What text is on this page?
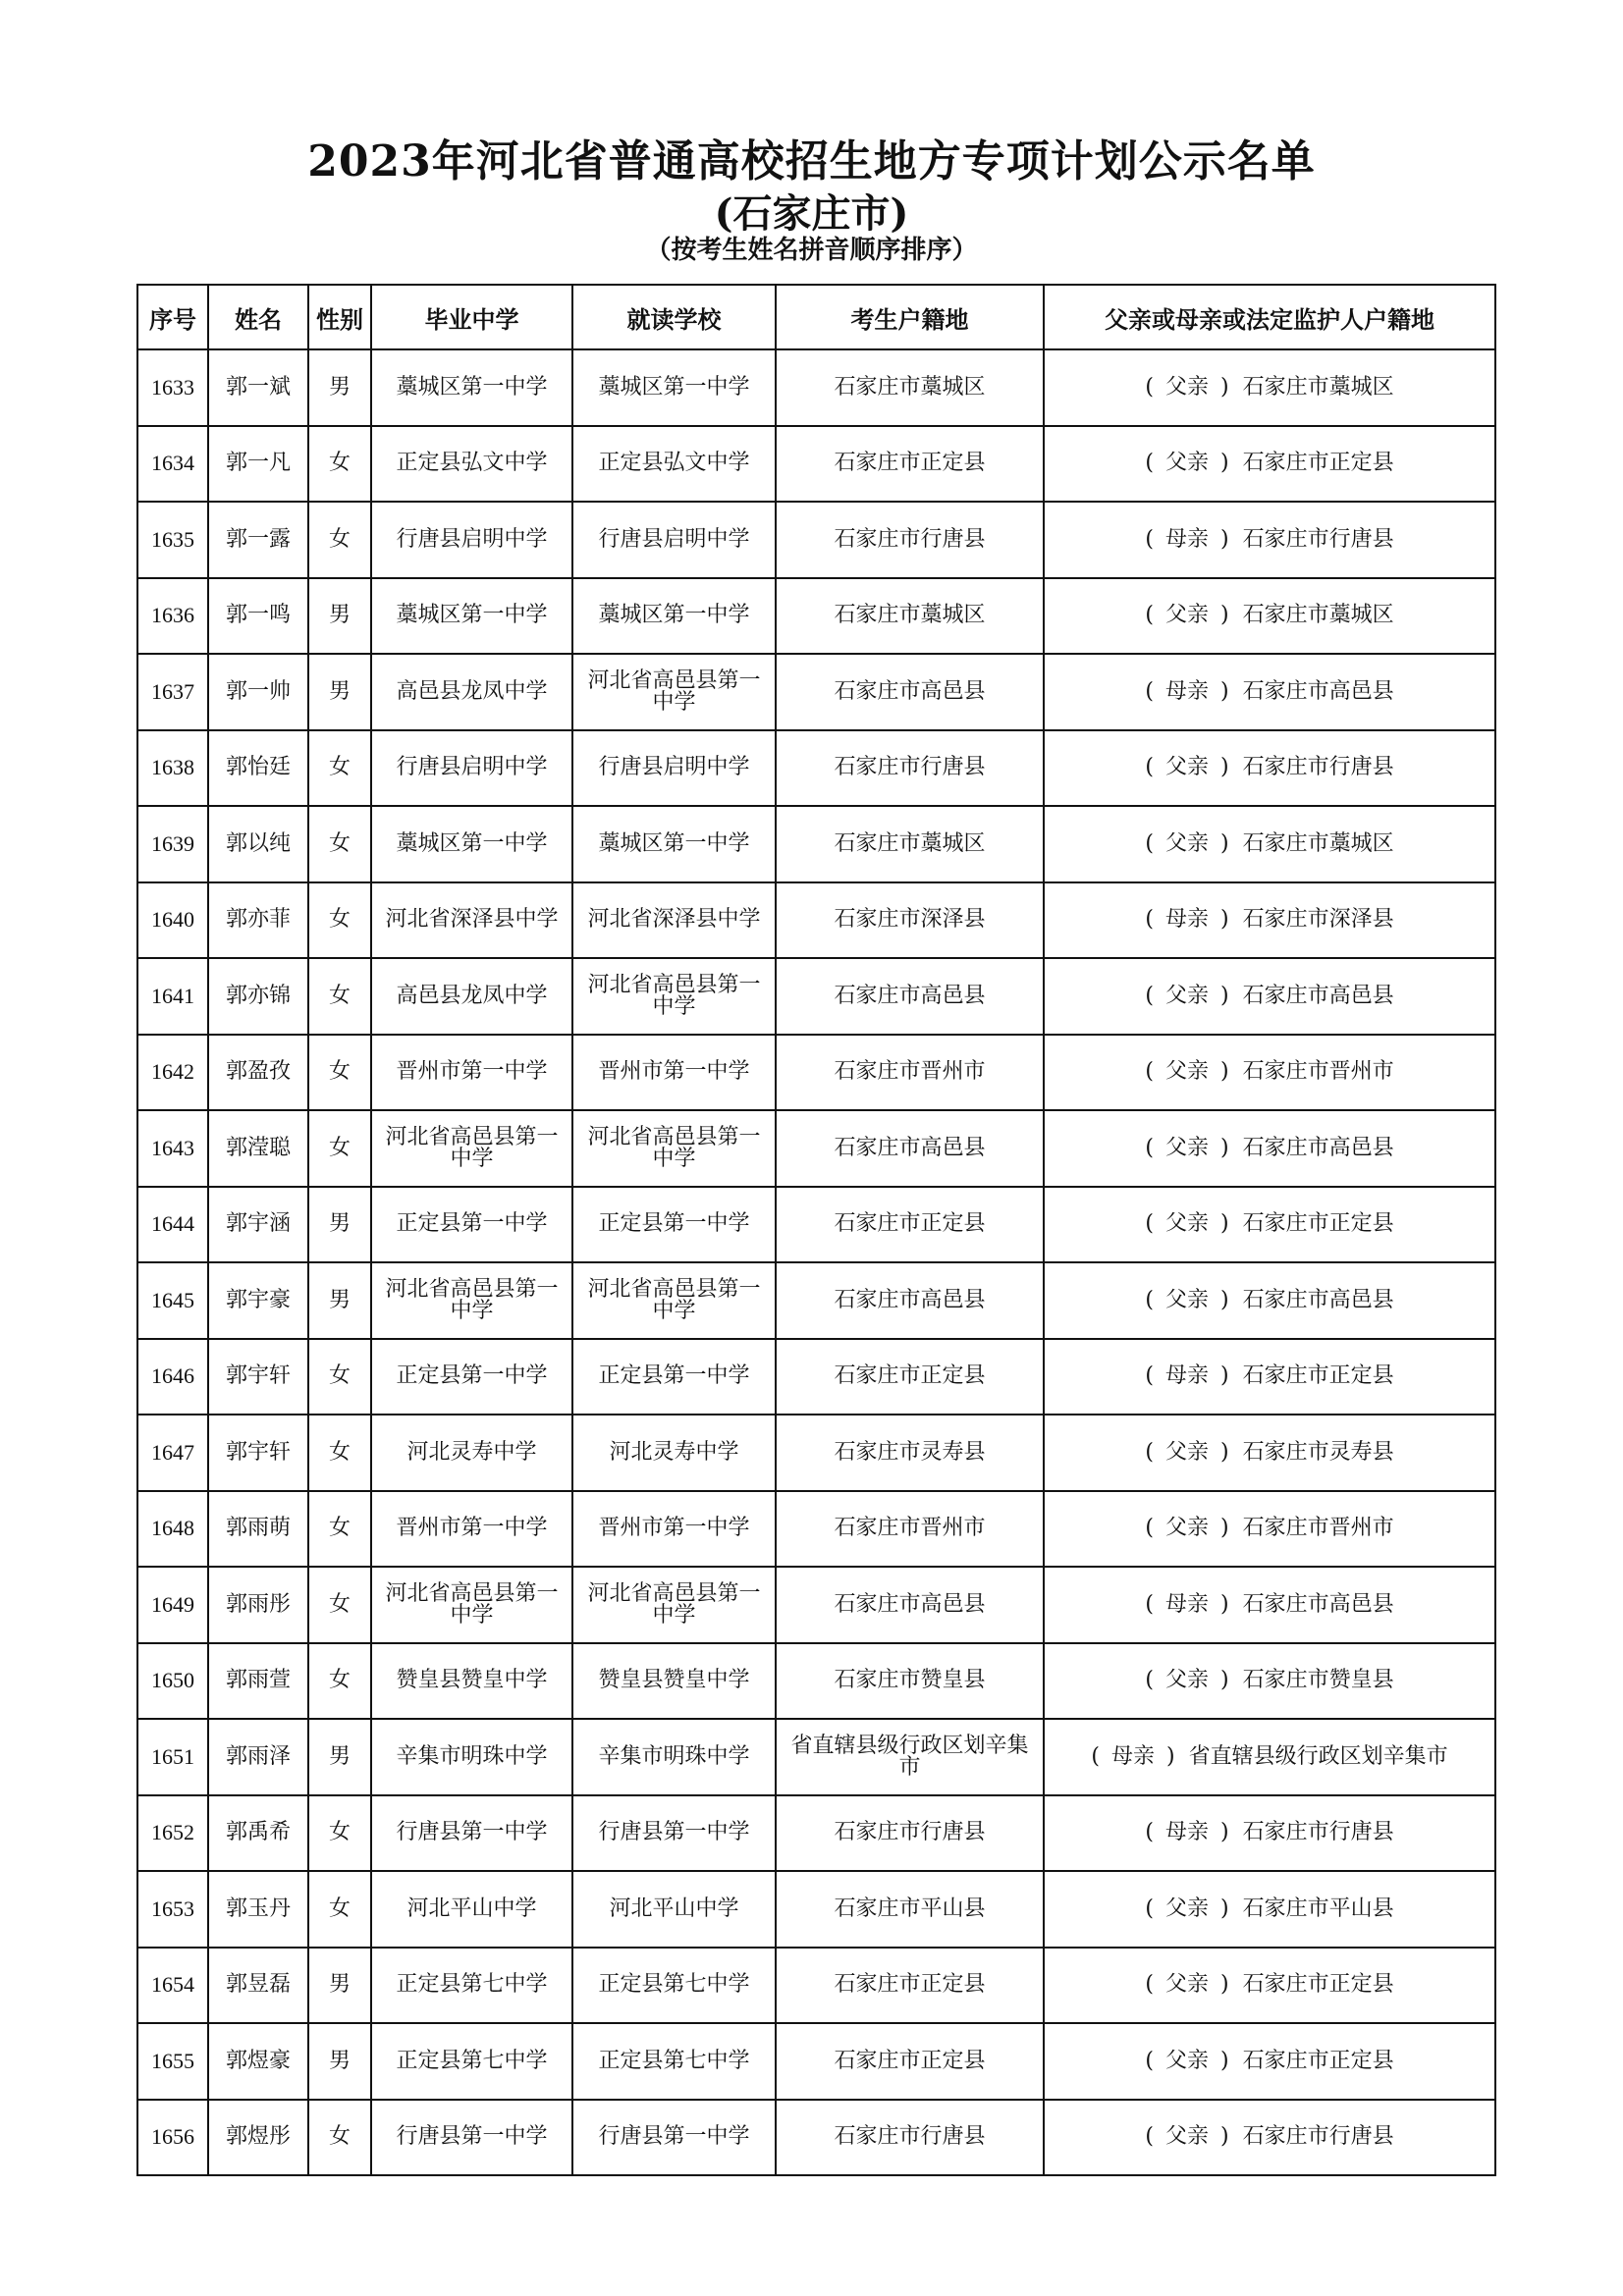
2023年河北省普通高校招生地方专项计划公示名单
(石家庄市)
（按考生姓名拼音顺序排序）
序号	姓名	性别	毕业中学	就读学校	考生户籍地	父亲或母亲或法定监护人户籍地
1633	郭一斌	男	藁城区第一中学	藁城区第一中学	石家庄市藁城区	( 父亲 ) 石家庄市藁城区
1634	郭一凡	女	正定县弘文中学	正定县弘文中学	石家庄市正定县	( 父亲 ) 石家庄市正定县
1635	郭一露	女	行唐县启明中学	行唐县启明中学	石家庄市行唐县	( 母亲 ) 石家庄市行唐县
1636	郭一鸣	男	藁城区第一中学	藁城区第一中学	石家庄市藁城区	( 父亲 ) 石家庄市藁城区
1637	郭一帅	男	高邑县龙凤中学	河北省高邑县第一中学	石家庄市高邑县	( 母亲 ) 石家庄市高邑县
1638	郭怡廷	女	行唐县启明中学	行唐县启明中学	石家庄市行唐县	( 父亲 ) 石家庄市行唐县
1639	郭以纯	女	藁城区第一中学	藁城区第一中学	石家庄市藁城区	( 父亲 ) 石家庄市藁城区
1640	郭亦菲	女	河北省深泽县中学	河北省深泽县中学	石家庄市深泽县	( 母亲 ) 石家庄市深泽县
1641	郭亦锦	女	高邑县龙凤中学	河北省高邑县第一中学	石家庄市高邑县	( 父亲 ) 石家庄市高邑县
1642	郭盈孜	女	晋州市第一中学	晋州市第一中学	石家庄市晋州市	( 父亲 ) 石家庄市晋州市
1643	郭滢聪	女	河北省高邑县第一中学	河北省高邑县第一中学	石家庄市高邑县	( 父亲 ) 石家庄市高邑县
1644	郭宇涵	男	正定县第一中学	正定县第一中学	石家庄市正定县	( 父亲 ) 石家庄市正定县
1645	郭宇豪	男	河北省高邑县第一中学	河北省高邑县第一中学	石家庄市高邑县	( 父亲 ) 石家庄市高邑县
1646	郭宇轩	女	正定县第一中学	正定县第一中学	石家庄市正定县	( 母亲 ) 石家庄市正定县
1647	郭宇轩	女	河北灵寿中学	河北灵寿中学	石家庄市灵寿县	( 父亲 ) 石家庄市灵寿县
1648	郭雨萌	女	晋州市第一中学	晋州市第一中学	石家庄市晋州市	( 父亲 ) 石家庄市晋州市
1649	郭雨彤	女	河北省高邑县第一中学	河北省高邑县第一中学	石家庄市高邑县	( 母亲 ) 石家庄市高邑县
1650	郭雨萱	女	赞皇县赞皇中学	赞皇县赞皇中学	石家庄市赞皇县	( 父亲 ) 石家庄市赞皇县
1651	郭雨泽	男	辛集市明珠中学	辛集市明珠中学	省直辖县级行政区划辛集市	( 母亲 ) 省直辖县级行政区划辛集市
1652	郭禹希	女	行唐县第一中学	行唐县第一中学	石家庄市行唐县	( 母亲 ) 石家庄市行唐县
1653	郭玉丹	女	河北平山中学	河北平山中学	石家庄市平山县	( 父亲 ) 石家庄市平山县
1654	郭昱磊	男	正定县第七中学	正定县第七中学	石家庄市正定县	( 父亲 ) 石家庄市正定县
1655	郭煜豪	男	正定县第七中学	正定县第七中学	石家庄市正定县	( 父亲 ) 石家庄市正定县
1656	郭煜彤	女	行唐县第一中学	行唐县第一中学	石家庄市行唐县	( 父亲 ) 石家庄市行唐县
